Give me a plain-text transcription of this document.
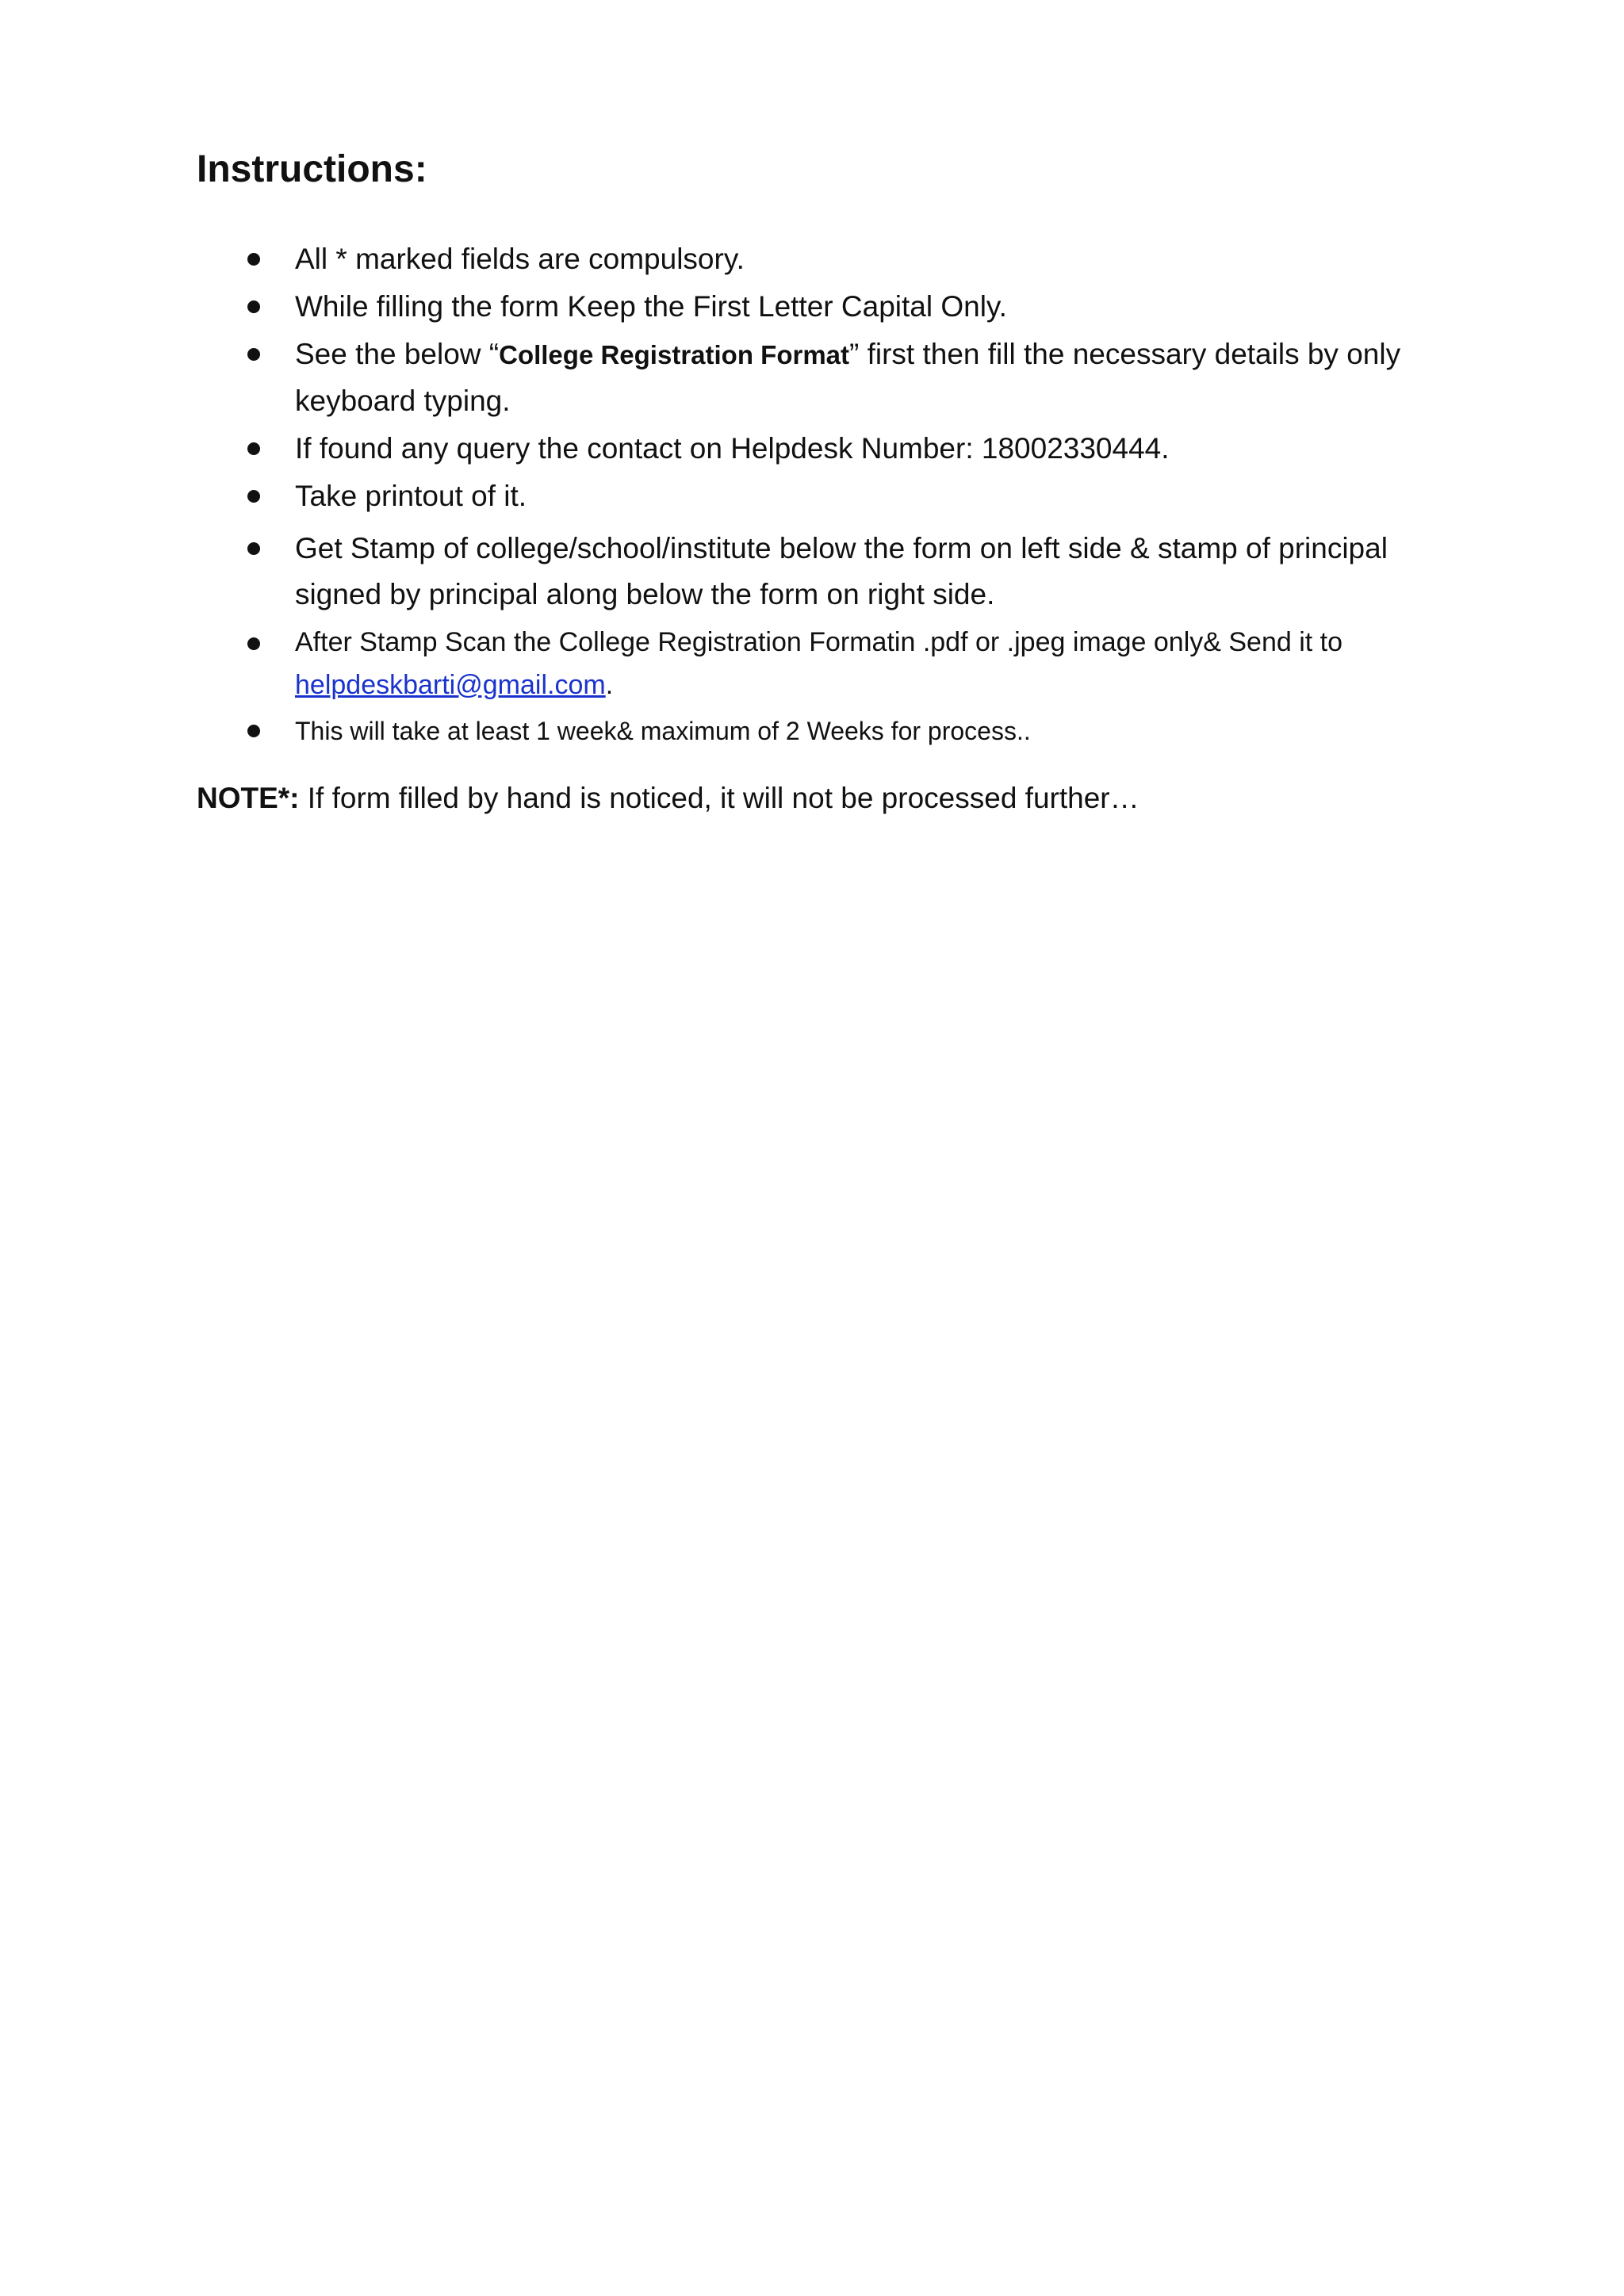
Instructions:
All * marked fields are compulsory.
While filling the form Keep the First Letter Capital Only.
See the below “College Registration Format” first then fill the necessary details by only keyboard typing.
If found any query the contact on Helpdesk Number: 18002330444.
Take printout of it.
Get Stamp of college/school/institute below the form on left side & stamp of principal signed by principal along below the form on right side.
After Stamp Scan the College Registration Formatin .pdf or .jpeg image only& Send it to
helpdeskbarti@gmail.com.
This will take at least 1 week& maximum of 2 Weeks for process..

NOTE*: If form filled by hand is noticed, it will not be processed further…
